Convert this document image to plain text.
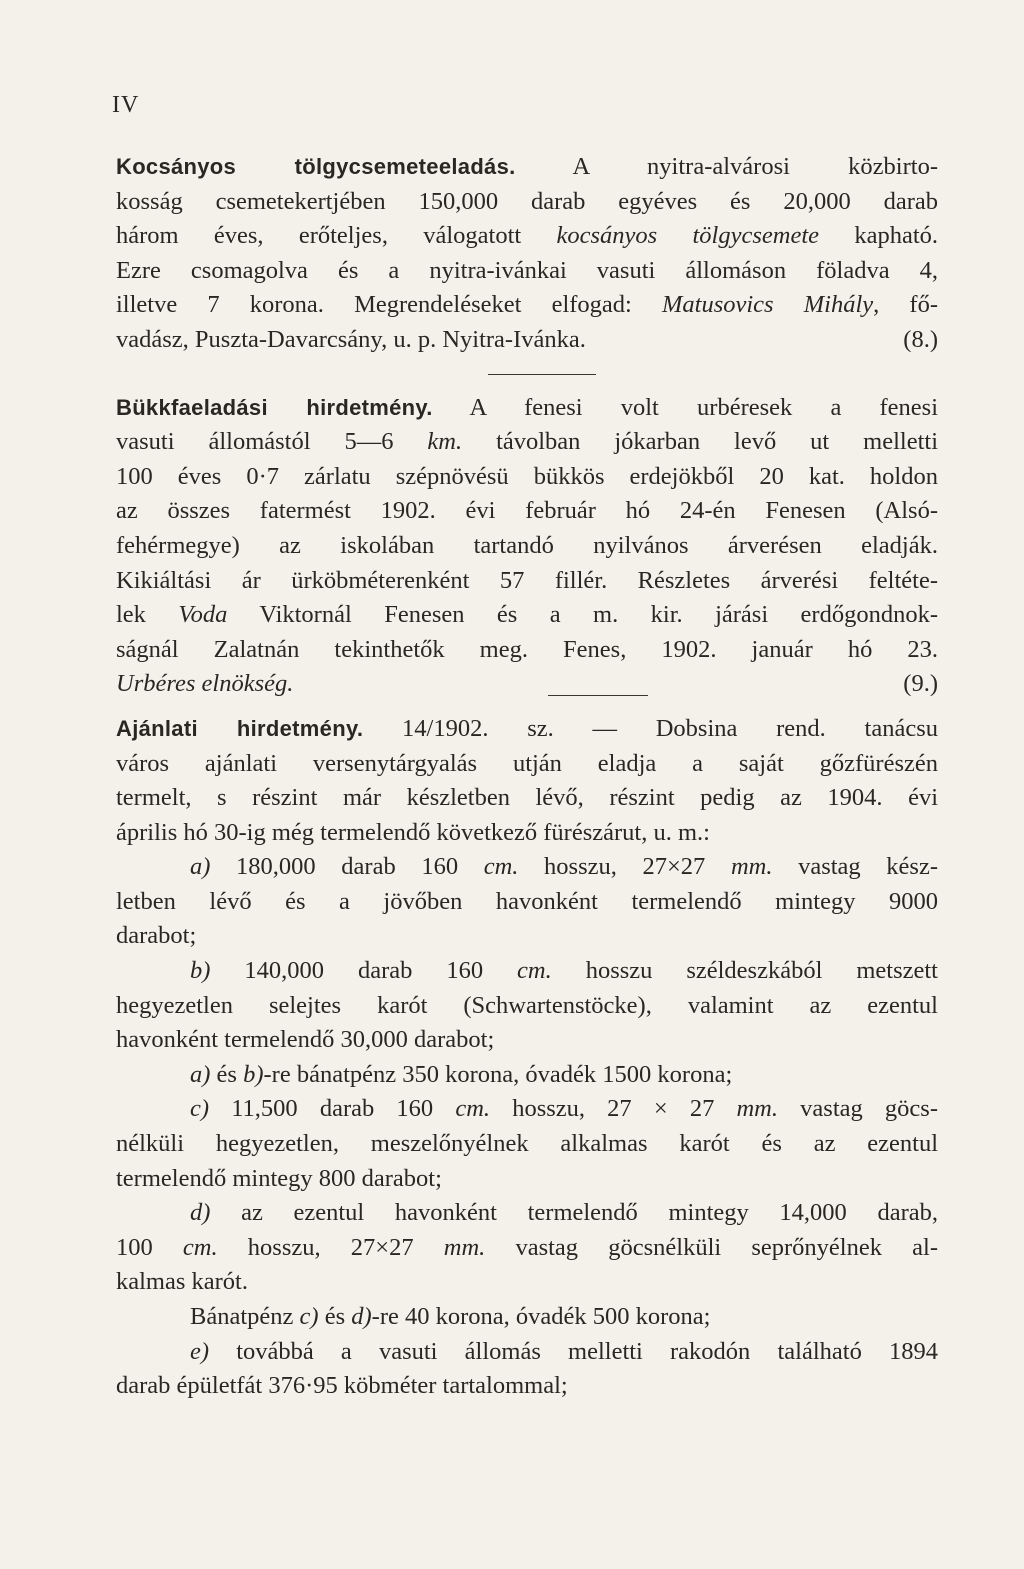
IV

Kocsányos tölgycsemeteeladás. A nyitra-alvárosi közbirto-

kosság csemetekertjében 150,000 darab egyéves és 20,000 darab

három éves, erőteljes, válogatott kocsányos tölgycsemete kapható.

Ezre csomagolva és a nyitra-ivánkai vasuti állomáson föladva 4,

illetve 7 korona. Megrendeléseket elfogad: Matusovics Mihály, fő-

vadász, Puszta-Davarcsány, u. p. Nyitra-Ivánka.	(8.)

Bükkfaeladási hirdetmény. A fenesi volt urbéresek a fenesi

vasuti állomástól 5—6 km. távolban jókarban levő ut melletti

100 éves 0·7 zárlatu szépnövésü bükkös erdejökből 20 kat. holdon

az összes fatermést 1902. évi február hó 24-én Fenesen (Alsó-

fehérmegye) az iskolában tartandó nyilvános árverésen eladják.

Kikiáltási ár ürköbméterenként 57 fillér. Részletes árverési feltéte-

lek Voda Viktornál Fenesen és a m. kir. járási erdőgondnok-

ságnál Zalatnán tekinthetők meg. Fenes, 1902. január hó 23.

Urbéres elnökség.	(9.)

Ajánlati hirdetmény. 14/1902. sz. — Dobsina rend. tanácsu

város ajánlati versenytárgyalás utján eladja a saját gőzfürészén

termelt, s részint már készletben lévő, részint pedig az 1904. évi

április hó 30-ig még termelendő következő fürészárut, u. m.:

a) 180,000 darab 160 cm. hosszu, 27×27 mm. vastag kész-

letben lévő és a jövőben havonként termelendő mintegy 9000

darabot;

b) 140,000 darab 160 cm. hosszu széldeszkából metszett

hegyezetlen selejtes karót (Schwartenstöcke), valamint az ezentul

havonként termelendő 30,000 darabot;

a) és b)-re bánatpénz 350 korona, óvadék 1500 korona;

c) 11,500 darab 160 cm. hosszu, 27 × 27 mm. vastag göcs-

nélküli hegyezetlen, meszelőnyélnek alkalmas karót és az ezentul

termelendő mintegy 800 darabot;

d) az ezentul havonként termelendő mintegy 14,000 darab,

100 cm. hosszu, 27×27 mm. vastag göcsnélküli seprőnyélnek al-

kalmas karót.

Bánatpénz c) és d)-re 40 korona, óvadék 500 korona;

e) továbbá a vasuti állomás melletti rakodón található 1894

darab épületfát 376·95 köbméter tartalommal;
